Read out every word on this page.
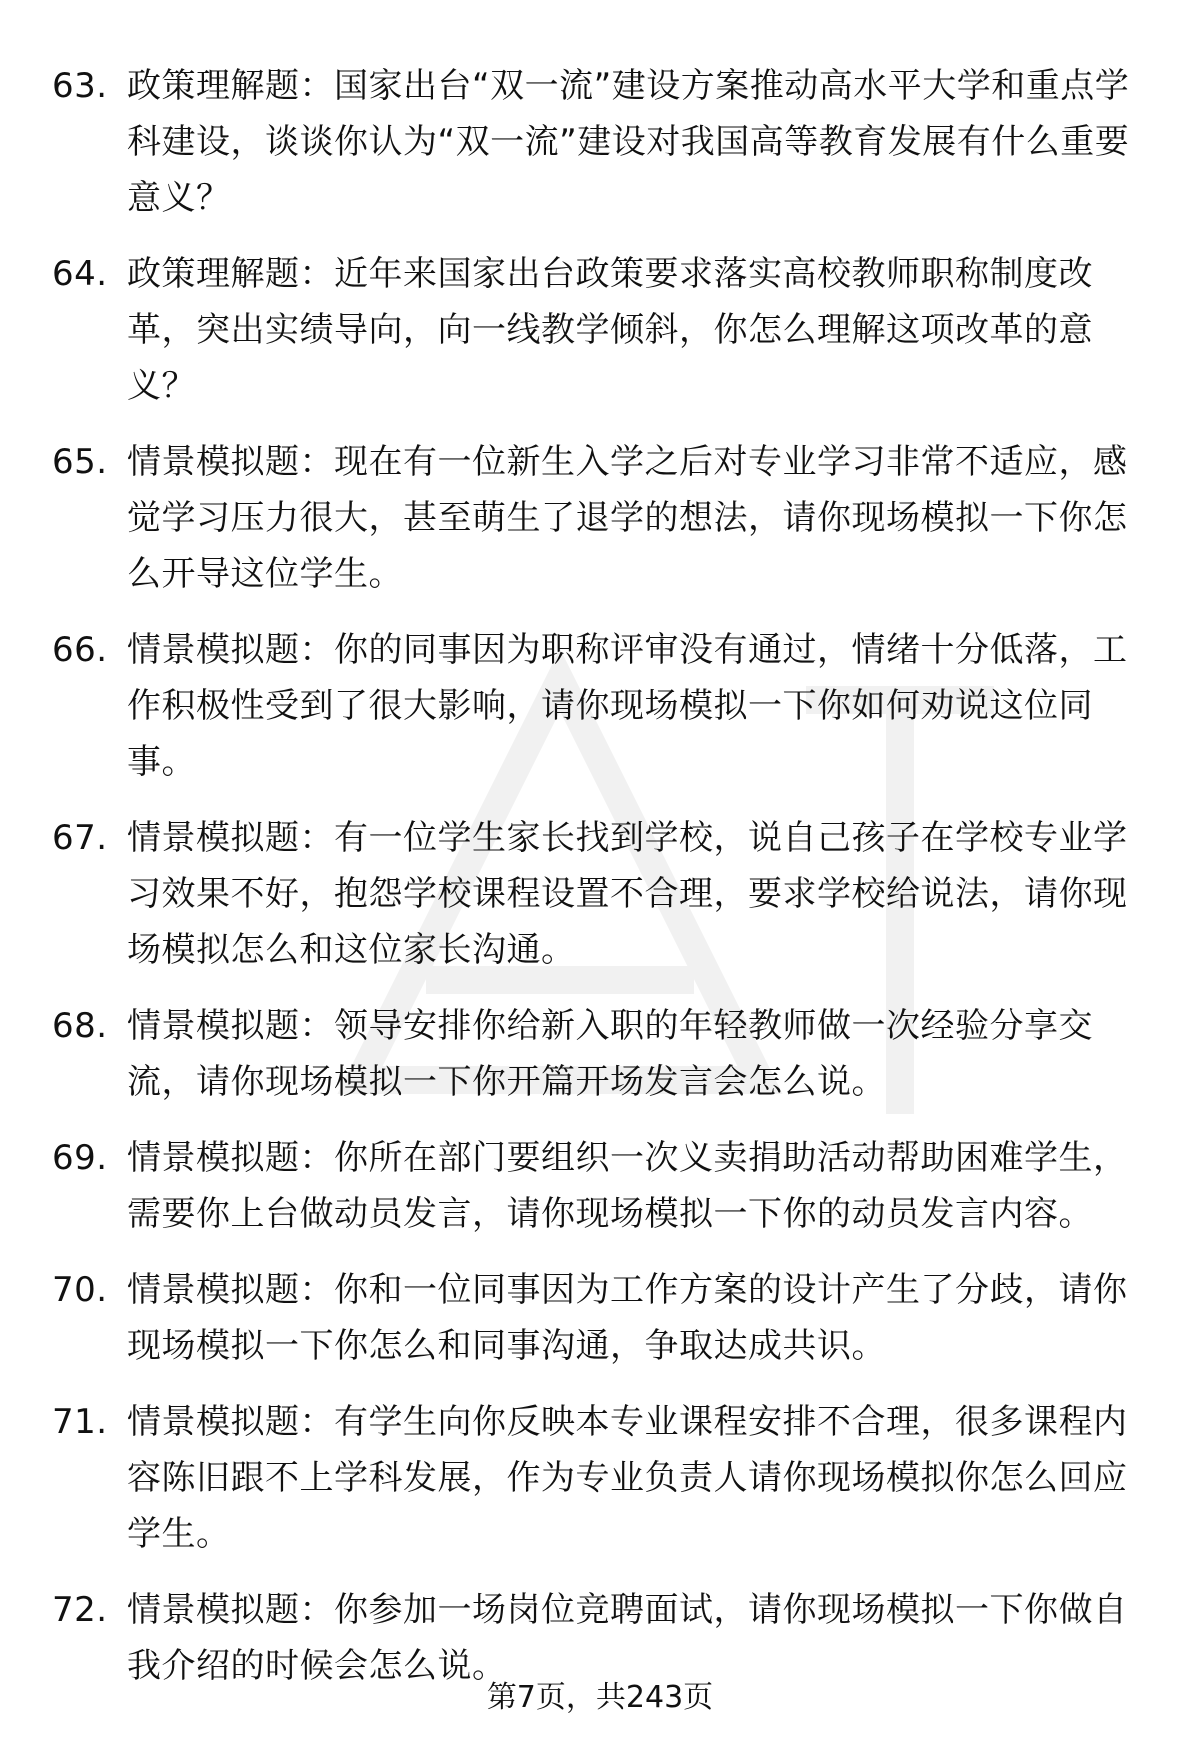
63. 政策理解题：国家出台“双一流”建设方案推动高水平大学和重点学科建设，谈谈你认为“双一流”建设对我国高等教育发展有什么重要意义？
64. 政策理解题：近年来国家出台政策要求落实高校教师职称制度改革，突出实绩导向，向一线教学倾斜，你怎么理解这项改革的意义？
65. 情景模拟题：现在有一位新生入学之后对专业学习非常不适应，感觉学习压力很大，甚至萌生了退学的想法，请你现场模拟一下你怎么开导这位学生。
66. 情景模拟题：你的同事因为职称评审没有通过，情绪十分低落，工作积极性受到了很大影响，请你现场模拟一下你如何劝说这位同事。
67. 情景模拟题：有一位学生家长找到学校，说自己孩子在学校专业学习效果不好，抱怨学校课程设置不合理，要求学校给说法，请你现场模拟怎么和这位家长沟通。
68. 情景模拟题：领导安排你给新入职的年轻教师做一次经验分享交流，请你现场模拟一下你开篇开场发言会怎么说。
69. 情景模拟题：你所在部门要组织一次义卖捐助活动帮助困难学生，需要你上台做动员发言，请你现场模拟一下你的动员发言内容。
70. 情景模拟题：你和一位同事因为工作方案的设计产生了分歧，请你现场模拟一下你怎么和同事沟通，争取达成共识。
71. 情景模拟题：有学生向你反映本专业课程安排不合理，很多课程内容陈旧跟不上学科发展，作为专业负责人请你现场模拟你怎么回应学生。
72. 情景模拟题：你参加一场岗位竞聘面试，请你现场模拟一下你做自我介绍的时候会怎么说。
第7页，共243页
